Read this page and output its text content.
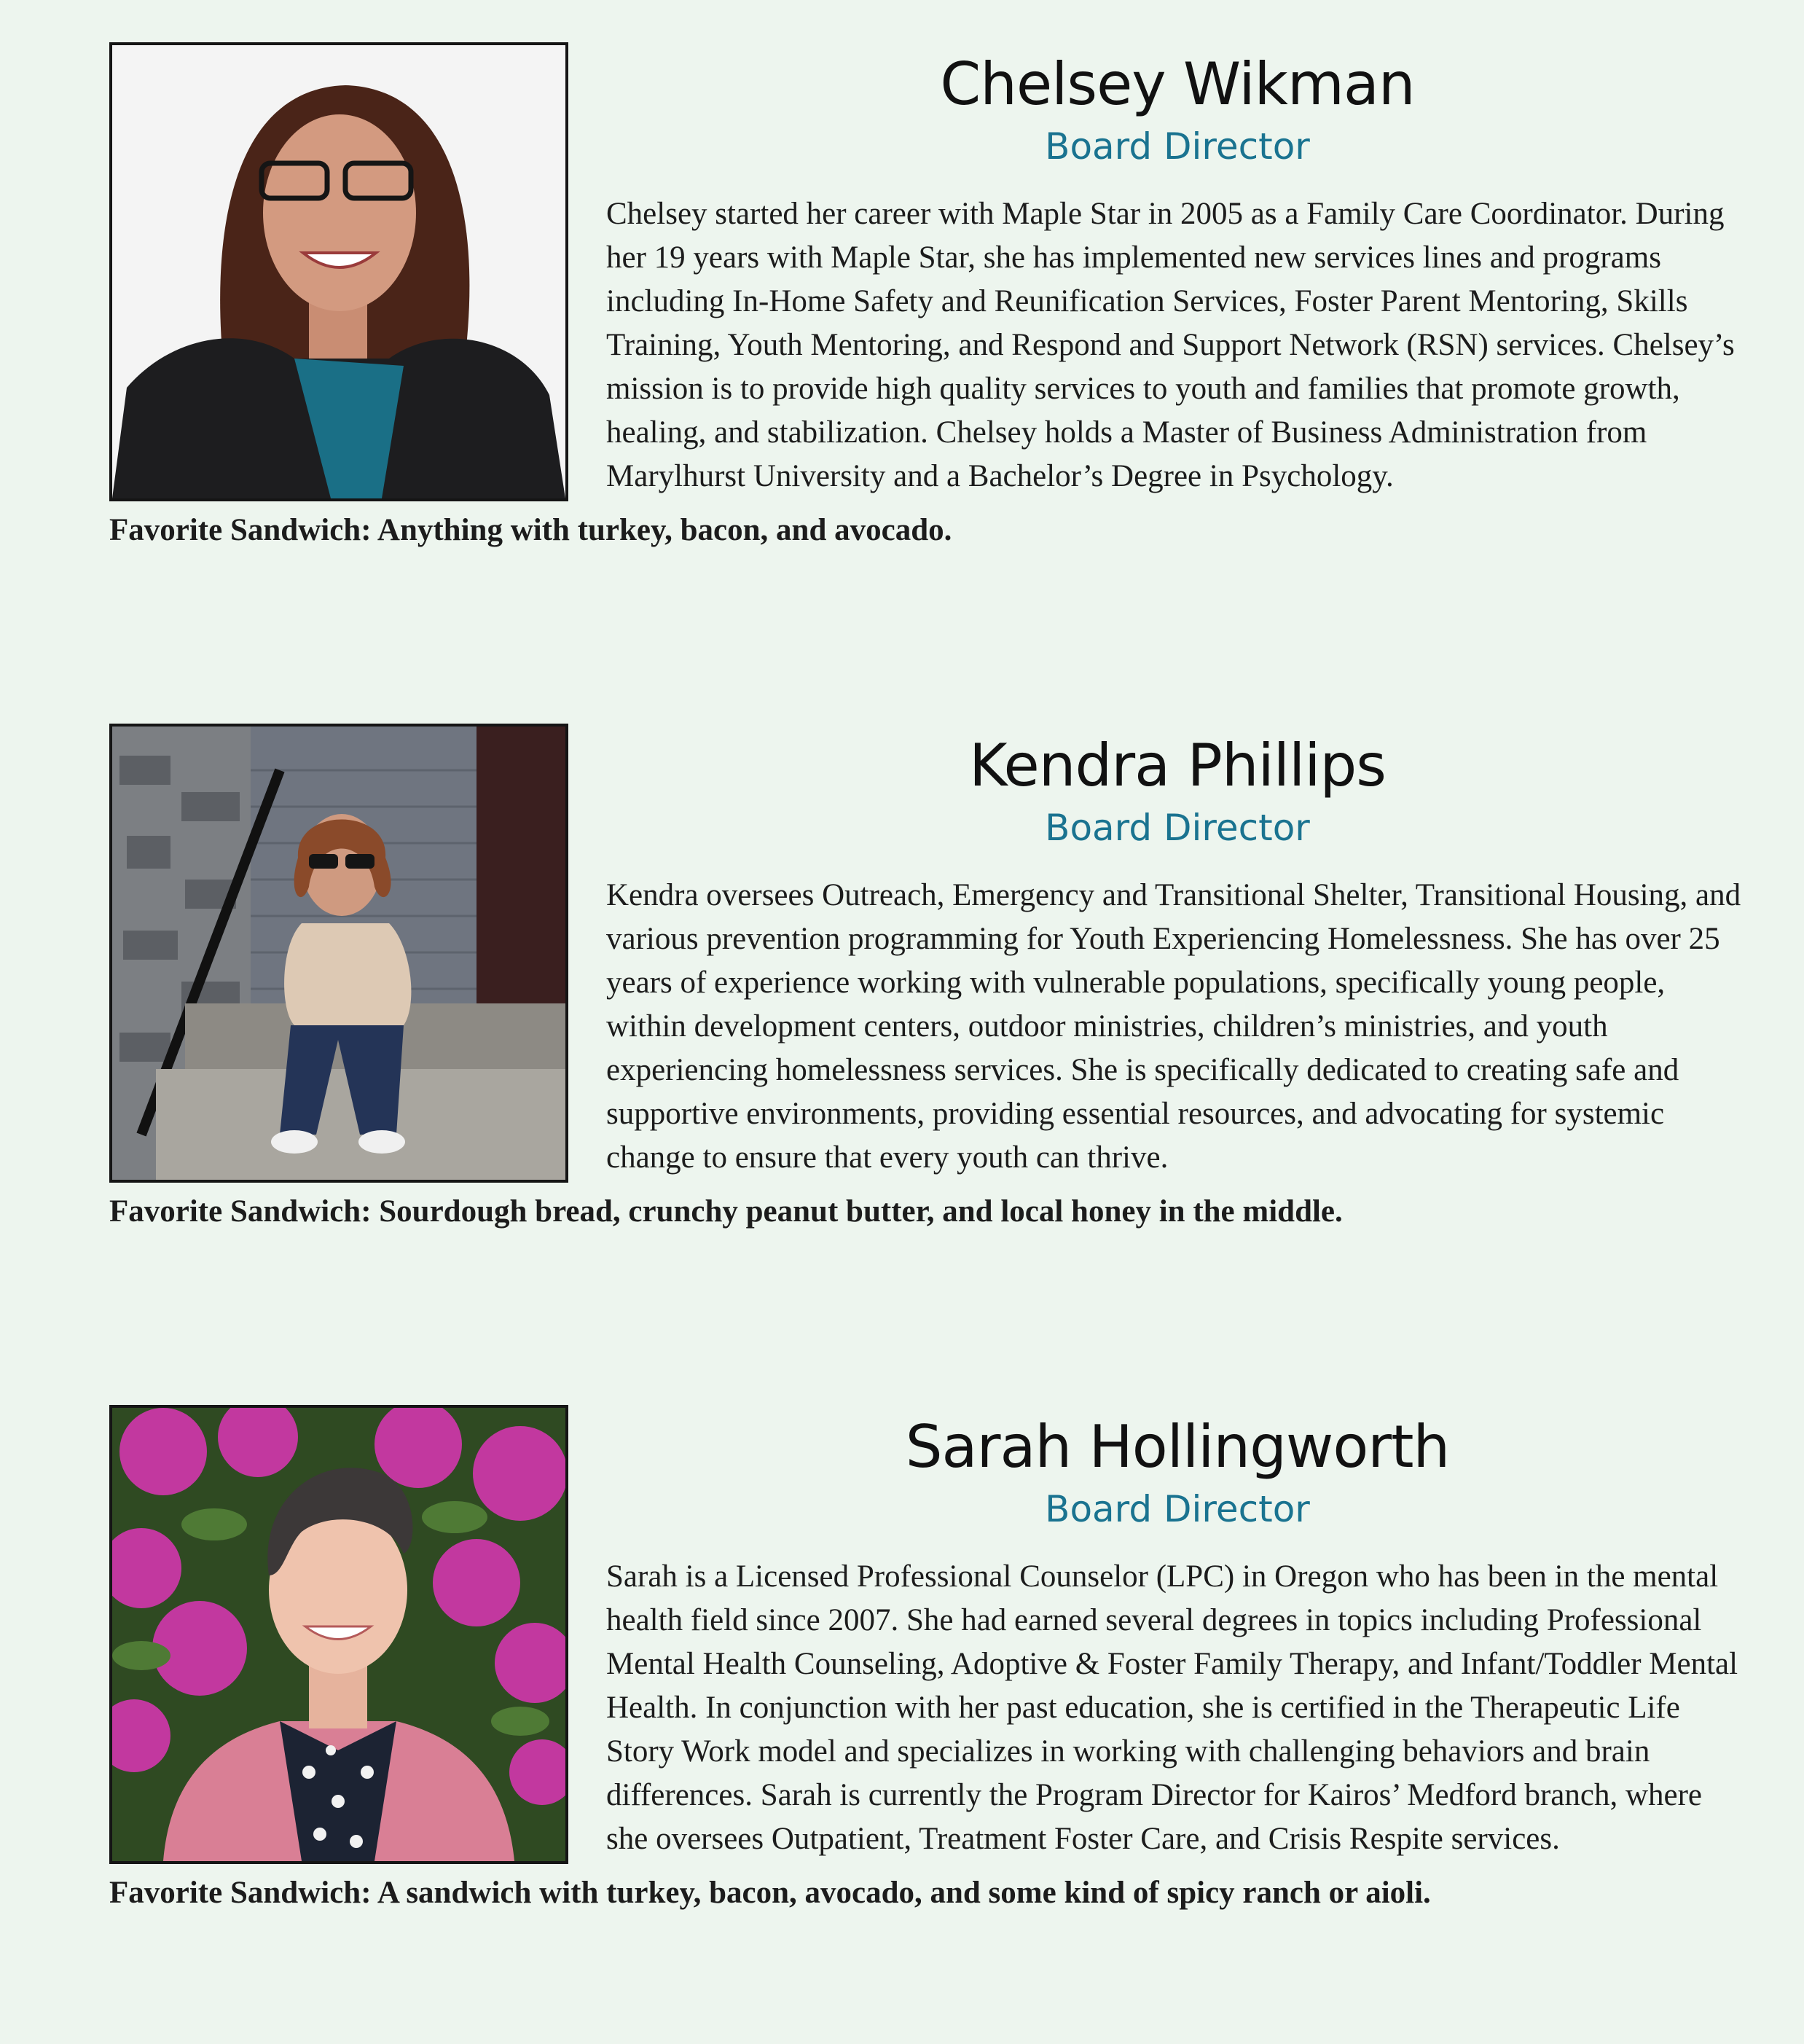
Chelsey Wikman
Board Director

Chelsey started her career with Maple Star in 2005 as a Family Care Coordinator. During her 19 years with Maple Star, she has implemented new services lines and programs including In-Home Safety and Reunification Services, Foster Parent Mentoring, Skills Training, Youth Mentoring, and Respond and Support Network (RSN) services. Chelsey’s mission is to provide high quality services to youth and families that promote growth, healing, and stabilization. Chelsey holds a Master of Business Administration from Marylhurst University and a Bachelor’s Degree in Psychology.

Favorite Sandwich: Anything with turkey, bacon, and avocado.

Kendra Phillips
Board Director

Kendra oversees Outreach, Emergency and Transitional Shelter, Transitional Housing, and various prevention programming for Youth Experiencing Homelessness. She has over 25 years of experience working with vulnerable populations, specifically young people, within development centers, outdoor ministries, children’s ministries, and youth experiencing homelessness services. She is specifically dedicated to creating safe and supportive environments, providing essential resources, and advocating for systemic change to ensure that every youth can thrive.

Favorite Sandwich: Sourdough bread, crunchy peanut butter, and local honey in the middle.

Sarah Hollingworth
Board Director

Sarah is a Licensed Professional Counselor (LPC) in Oregon who has been in the mental health field since 2007. She had earned several degrees in topics including Professional Mental Health Counseling, Adoptive & Foster Family Therapy, and Infant/Toddler Mental Health. In conjunction with her past education, she is certified in the Therapeutic Life Story Work model and specializes in working with challenging behaviors and brain differences. Sarah is currently the Program Director for Kairos’ Medford branch, where she oversees Outpatient, Treatment Foster Care, and Crisis Respite services.

Favorite Sandwich: A sandwich with turkey, bacon, avocado, and some kind of spicy ranch or aioli.
